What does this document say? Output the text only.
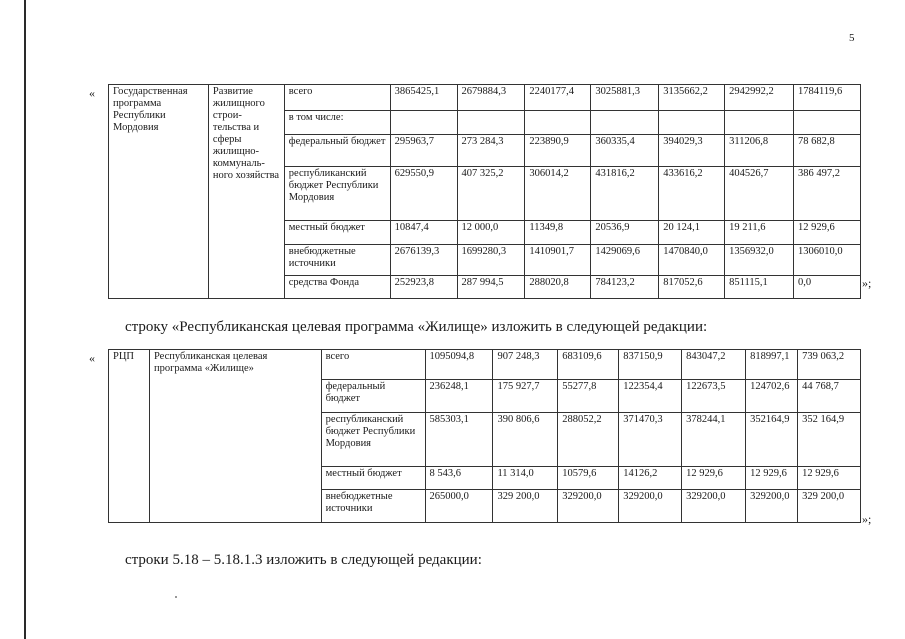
5
« Государственная программа Республики Мордовия	Развитие жилищного строи-тельства и сферы жилищно-коммуналь-ного хозяйства	всего	3865425,1	2679884,3	2240177,4	3025881,3	3135662,2	2942992,2	1784119,6
		в том числе:							
		федеральный бюджет	295963,7	273 284,3	223890,9	360335,4	394029,3	311206,8	78 682,8
		республиканский бюджет Республики Мордовия	629550,9	407 325,2	306014,2	431816,2	433616,2	404526,7	386 497,2
		местный бюджет	10847,4	12 000,0	11349,8	20536,9	20 124,1	19 211,6	12 929,6
		внебюджетные источники	2676139,3	1699280,3	1410901,7	1429069,6	1470840,0	1356932,0	1306010,0
		средства Фонда	252923,8	287 994,5	288020,8	784123,2	817052,6	851115,1	0,0	»;
строку «Республиканская целевая программа «Жилище» изложить в следующей редакции:
« РЦП	Республиканская целевая программа «Жилище»	всего	1095094,8	907 248,3	683109,6	837150,9	843047,2	818997,1	739 063,2
		федеральный бюджет	236248,1	175 927,7	55277,8	122354,4	122673,5	124702,6	44 768,7
		республиканский бюджет Республики Мордовия	585303,1	390 806,6	288052,2	371470,3	378244,1	352164,9	352 164,9
		местный бюджет	8 543,6	11 314,0	10579,6	14126,2	12 929,6	12 929,6	12 929,6
		внебюджетные источники	265000,0	329 200,0	329200,0	329200,0	329200,0	329200,0	329 200,0
»;
строки 5.18 – 5.18.1.3 изложить в следующей редакции:
